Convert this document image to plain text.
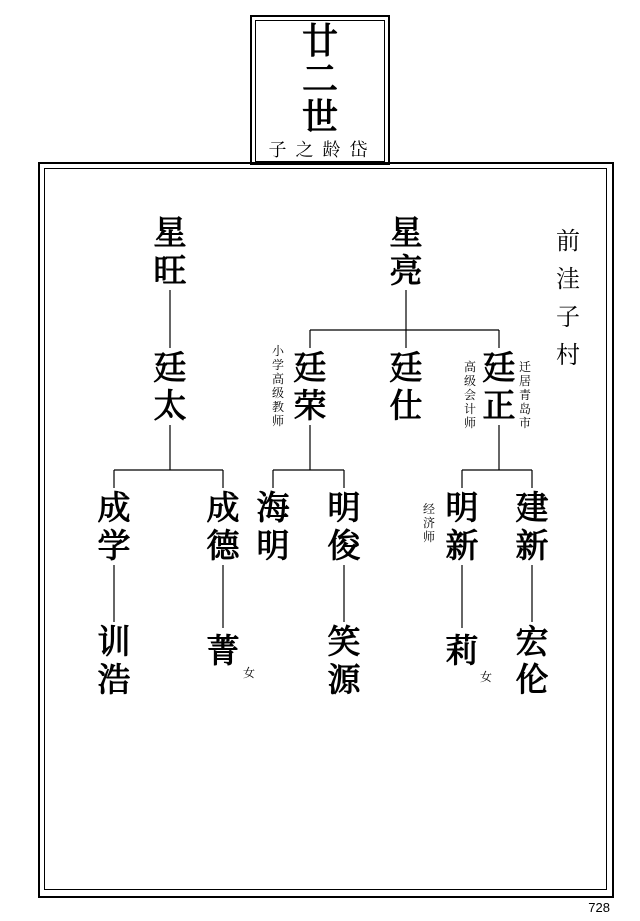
廿
二
世
子之龄岱
前
洼
子
村
星
旺
星
亮
廷
太
廷
荣
廷
仕
廷
正
小
学
高
级
教
师
高
级
会
计
师
迁
居
青
岛
市
成
学
成
德
海
明
明
俊
明
新
建
新
经
济
师
训
浩
菁
女
笑
源
莉
女
宏
伦
728
